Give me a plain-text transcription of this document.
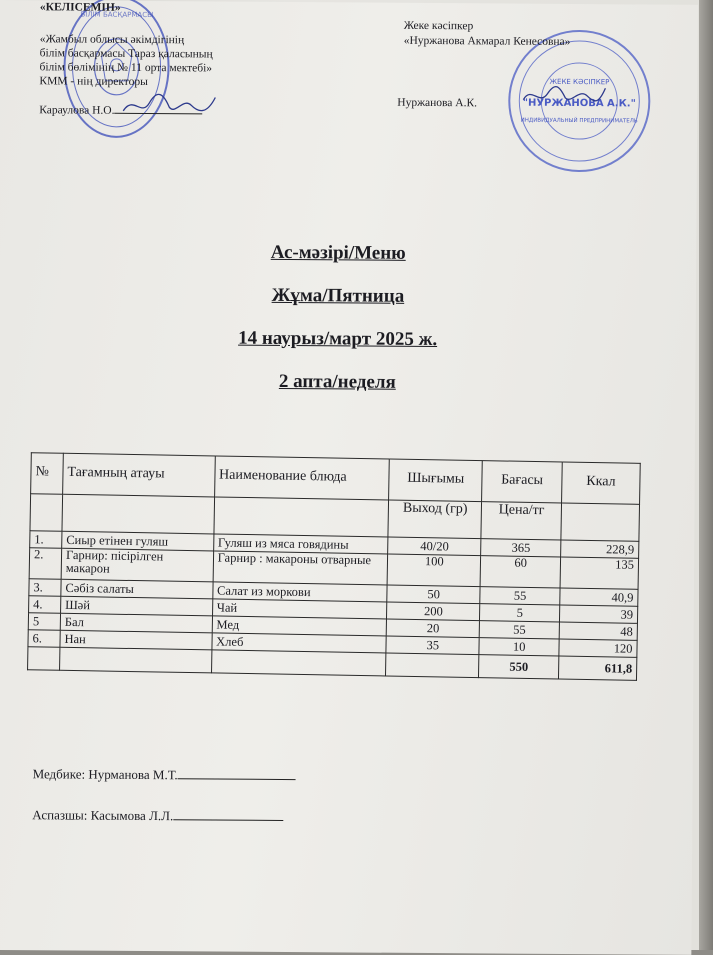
БІЛІМ БАСҚАРМАСЫ
«КЕЛІСЕМІН»
«Жамбыл облысы әкімдігінің
білім басқармасы Тараз қаласының
білім бөлімінің № 11 орта мектебі»
КММ - нің директоры
Караулова Н.О.
ЖЕКЕ КӘСІПКЕР
"НУРЖАНОВА А.К."
ИНДИВИДУАЛЬНЫЙ ПРЕДПРИНИМАТЕЛЬ
Жеке кәсіпкер
«Нуржанова Акмарал Кенесовна»
Нуржанова А.К.
Ас-мәзірі/Меню
Жұма/Пятница
14 наурыз/март 2025 ж.
2 апта/неделя
№	Тағамның атауы	Наименование блюда	Шығымы	Бағасы	Ккал
			Выход (гр)	Цена/тг	
1.	Сиыр етінен гуляш	Гуляш из мяса говядины	40/20	365	228,9
2.	Гарнир: пісірілген макарон	Гарнир : макароны отварные	100	60	135
3.	Сәбіз салаты	Салат из моркови	50	55	40,9
4.	Шәй	Чай	200	5	39
5	Бал	Мед	20	55	48
6.	Нан	Хлеб	35	10	120
				550	611,8
Медбике: Нурманова М.Т.
Аспазшы: Касымова Л.Л.
